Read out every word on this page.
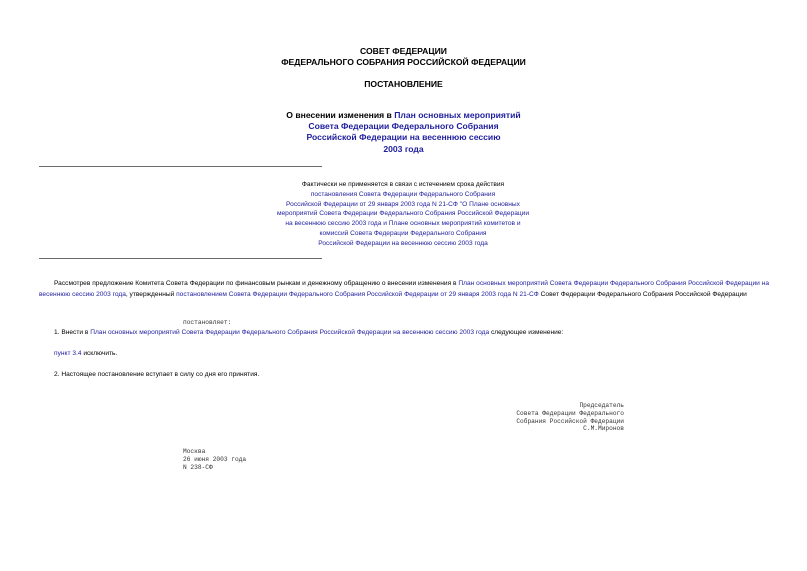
СОВЕТ ФЕДЕРАЦИИ
ФЕДЕРАЛЬНОГО СОБРАНИЯ РОССИЙСКОЙ ФЕДЕРАЦИИ
ПОСТАНОВЛЕНИЕ
О внесении изменения в План основных мероприятий
Совета Федерации Федерального Собрания
Российской Федерации на весеннюю сессию
2003 года
Фактически не применяется в связи с истечением срока действия
постановления Совета Федерации Федерального Собрания
Российской Федерации от 29 января 2003 года N 21-СФ "О Плане основных
мероприятий Совета Федерации Федерального Собрания Российской Федерации
на весеннюю сессию 2003 года и Плане основных мероприятий комитетов и
комиссий Совета Федерации Федерального Собрания
Российской Федерации на весеннюю сессию 2003 года
Рассмотрев предложение Комитета Совета Федерации по финансовым рынкам и денежному обращению о внесении изменения в План основных мероприятий Совета Федерации Федерального Собрания Российской Федерации на весеннюю сессию 2003 года, утвержденный постановлением Совета Федерации Федерального Собрания Российской Федерации от 29 января 2003 года N 21-СФ Совет Федерации Федерального Собрания Российской Федерации
постановляет:
1. Внести в План основных мероприятий Совета Федерации Федерального Собрания Российской Федерации на весеннюю сессию 2003 года следующее изменение:
пункт 3.4 исключить.
2. Настоящее постановление вступает в силу со дня его принятия.
Председатель
Совета Федерации Федерального
Собрания Российской Федерации
С.М.Миронов
Москва
26 июня 2003 года
N 238-СФ
